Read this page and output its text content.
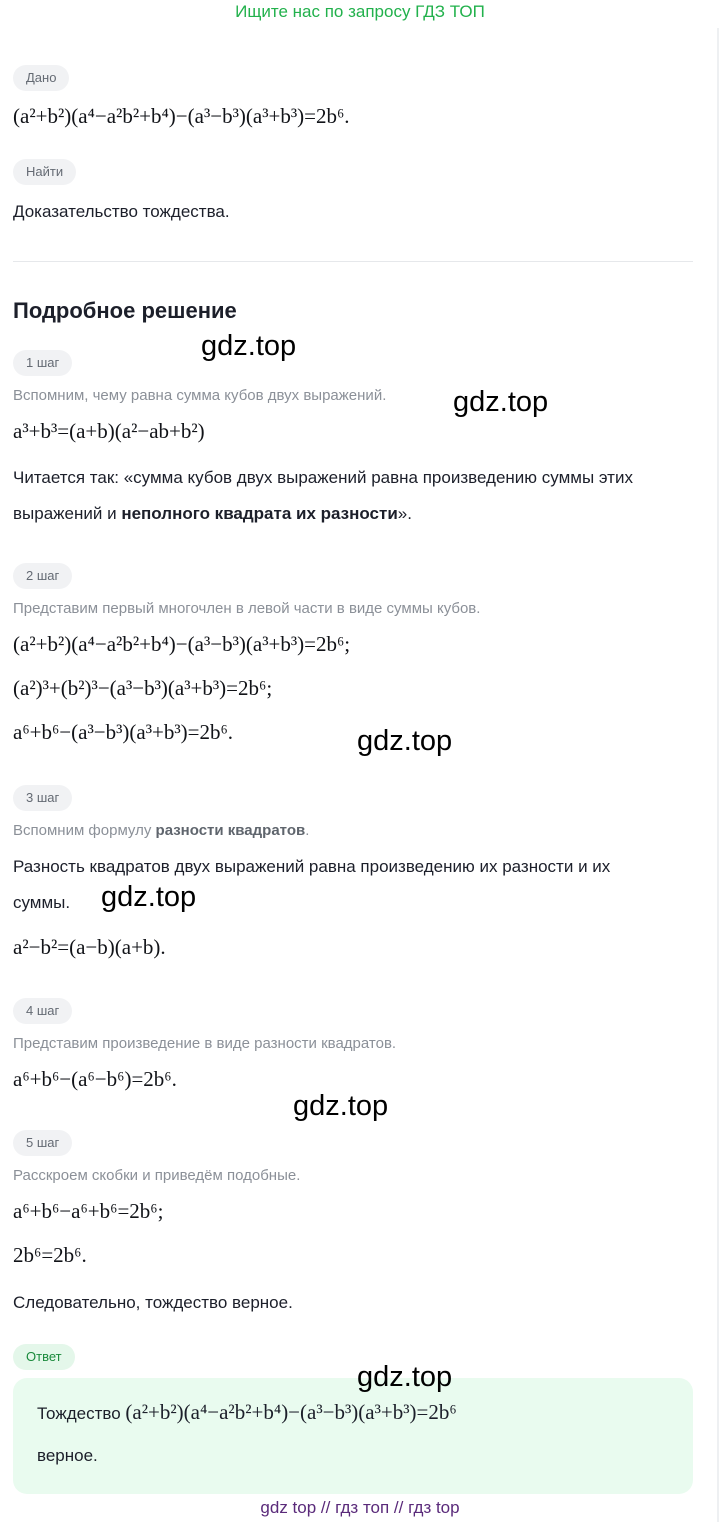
Ищите нас по запросу ГДЗ ТОП
Дано
(a²+b²)(a⁴−a²b²+b⁴)−(a³−b³)(a³+b³)=2b⁶.
Найти
Доказательство тождества.
Подробное решение
1 шаг
Вспомним, чему равна сумма кубов двух выражений.
a³+b³=(a+b)(a²−ab+b²)
Читается так: «сумма кубов двух выражений равна произведению суммы этих
выражений и неполного квадрата их разности».
2 шаг
Представим первый многочлен в левой части в виде суммы кубов.
(a²+b²)(a⁴−a²b²+b⁴)−(a³−b³)(a³+b³)=2b⁶;
(a²)³+(b²)³−(a³−b³)(a³+b³)=2b⁶;
a⁶+b⁶−(a³−b³)(a³+b³)=2b⁶.
3 шаг
Вспомним формулу разности квадратов.
Разность квадратов двух выражений равна произведению их разности и их
суммы.
a²−b²=(a−b)(a+b).
4 шаг
Представим произведение в виде разности квадратов.
a⁶+b⁶−(a⁶−b⁶)=2b⁶.
5 шаг
Расскроем скобки и приведём подобные.
a⁶+b⁶−a⁶+b⁶=2b⁶;
2b⁶=2b⁶.
Следовательно, тождество верное.
Ответ
Тождество (a²+b²)(a⁴−a²b²+b⁴)−(a³−b³)(a³+b³)=2b⁶
верное.
gdz.top
gdz.top
gdz.top
gdz.top
gdz.top
gdz.top
gdz top // гдз топ // гдз top
